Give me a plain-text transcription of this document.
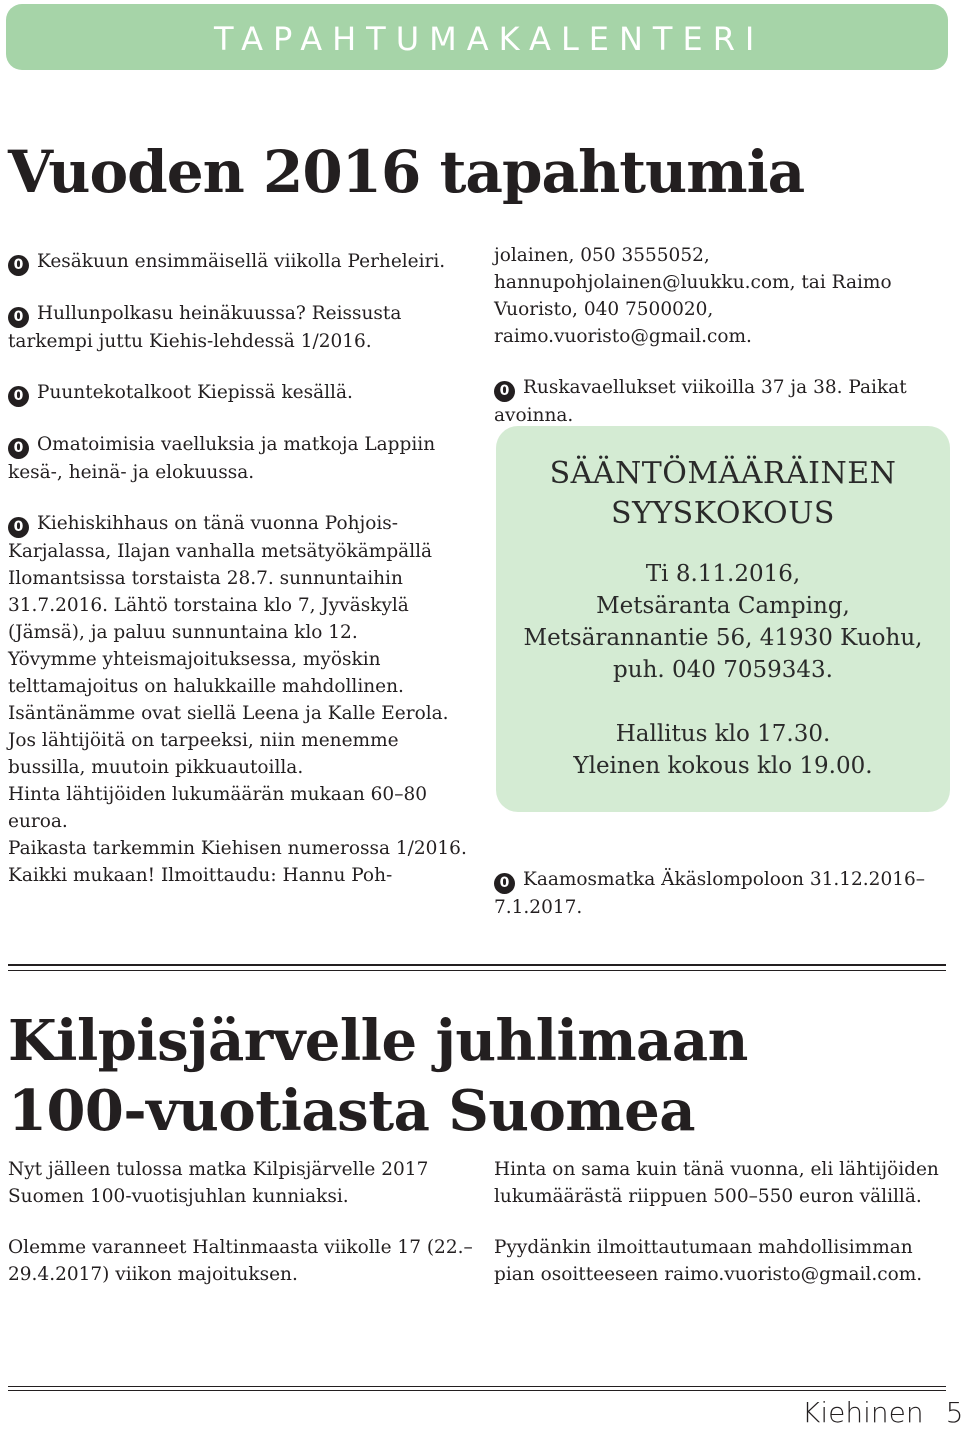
TAPAHTUMAKALENTERI
Vuoden 2016 tapahtumia

0 Kesäkuun ensimmäisellä viikolla Perheleiri.

0 Hullunpolkasu heinäkuussa? Reissusta tarkempi juttu Kiehis-lehdessä 1/2016.

0 Puuntekotalkoot Kiepissä kesällä.

0 Omatoimisia vaelluksia ja matkoja Lappiin kesä-, heinä- ja elokuussa.

0 Kiehiskihhaus on tänä vuonna Pohjois-Karjalassa, Ilajan vanhalla metsätyökämpällä Ilomantsissa torstaista 28.7. sunnuntaihin 31.7.2016. Lähtö torstaina klo 7, Jyväskylä (Jämsä), ja paluu sunnuntaina klo 12.
Yövymme yhteismajoituksessa, myöskin telttamajoitus on halukkaille mahdollinen.
Isäntänämme ovat siellä Leena ja Kalle Eerola.
Jos lähtijöitä on tarpeeksi, niin menemme bussilla, muutoin pikkuautoilla.
Hinta lähtijöiden lukumäärän mukaan 60–80 euroa.
Paikasta tarkemmin Kiehisen numerossa 1/2016.
Kaikki mukaan! Ilmoittaudu: Hannu Poh-

jolainen, 050 3555052, hannupohjolainen@luukku.com, tai Raimo Vuoristo, 040 7500020, raimo.vuoristo@gmail.com.

0 Ruskavaellukset viikoilla 37 ja 38. Paikat avoinna.

SÄÄNTÖMÄÄRÄINEN
SYYSKOKOUS
Ti 8.11.2016,
Metsäranta Camping,
Metsärannantie 56, 41930 Kuohu,
puh. 040 7059343.
Hallitus klo 17.30.
Yleinen kokous klo 19.00.
0 Kaamosmatka Äkäslompoloon 31.12.2016–7.1.2017.
Kilpisjärvelle juhlimaan
100-vuotiasta Suomea

Nyt jälleen tulossa matka Kilpisjärvelle 2017 Suomen 100-vuotisjuhlan kunniaksi.

Olemme varanneet Haltinmaasta viikolle 17 (22.–29.4.2017) viikon majoituksen.

Hinta on sama kuin tänä vuonna, eli lähtijöiden lukumäärästä riippuen 500–550 euron välillä.

Pyydänkin ilmoittautumaan mahdollisimman pian osoitteeseen raimo.vuoristo@gmail.com.

Kiehinen 5
